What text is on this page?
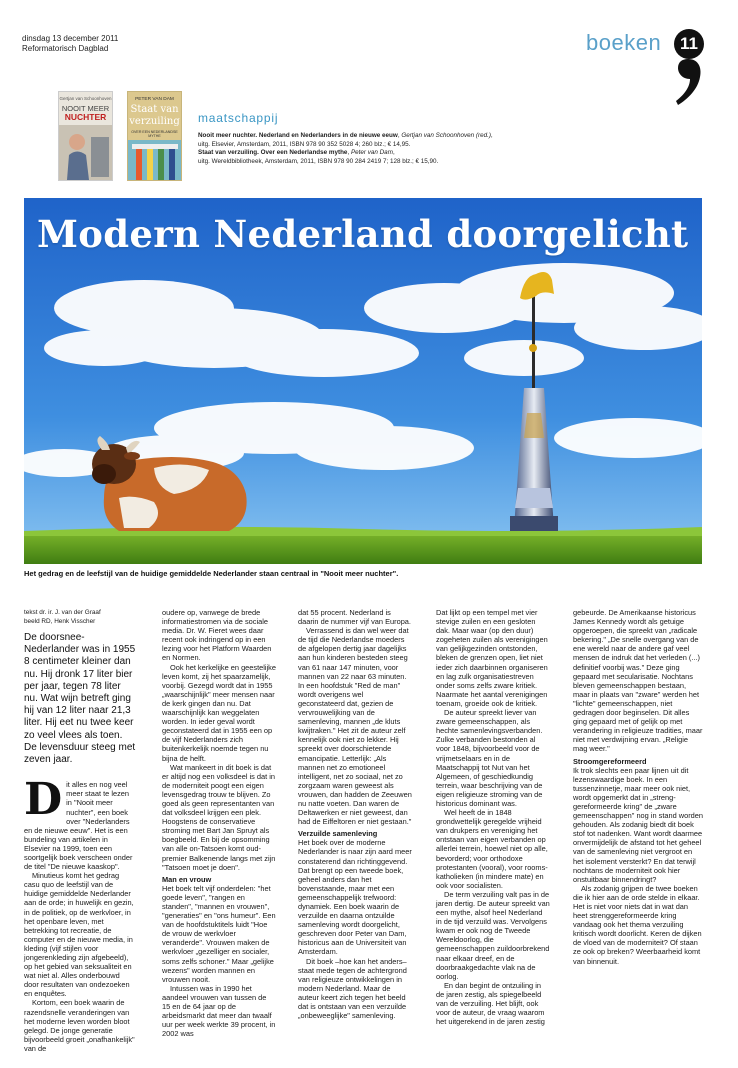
dinsdag 13 december 2011
Reformatorisch Dagblad	boeken	11
Gertjan van Schoonhoven
NOOIT MEER
NUCHTER
PETER VAN DAM
Staat van
verzuiling
OVER EEN NEDERLANDSE MYTHE
maatschappij
Nooit meer nuchter. Nederland en Nederlanders in de nieuwe eeuw, Gertjan van Schoonhoven (red.),
uitg. Elsevier, Amsterdam, 2011, ISBN 978 90 352 5028 4; 260 blz.; € 14,95.
Staat van verzuiling. Over een Nederlandse mythe, Peter van Dam,
uitg. Wereldbibliotheek, Amsterdam, 2011, ISBN 978 90 284 2419 7; 128 blz.; € 15,90.
Modern Nederland doorgelicht
Het gedrag en de leefstijl van de huidige gemiddelde Nederlander staan centraal in "Nooit meer nuchter".

tekst dr. ir. J. van der Graaf

beeld RD, Henk Visscher

De doorsnee-Nederlander was in 1955 8 centimeter kleiner dan nu. Hij dronk 17 liter bier per jaar, tegen 78 liter nu. Wat wijn betreft ging hij van 12 liter naar 21,3 liter. Hij eet nu twee keer zo veel vlees als toen. De levensduur steeg met zeven jaar.

Dit alles en nog veel meer staat te lezen in "Nooit meer nuchter", een boek over "Nederlanders en de nieuwe eeuw". Het is een bundeling van artikelen in Elsevier na 1999, toen een soortgelijk boek verscheen onder de titel "De nieuwe kaaskop".

Minutieus komt het gedrag casu quo de leefstijl van de huidige gemiddelde Nederlander aan de orde; in huwelijk en gezin, in de politiek, op de werkvloer, in het openbare leven, met betrekking tot recreatie, de computer en de nieuwe media, in kleding (vijf stijlen voor jongerenkleding zijn afgebeeld), op het gebied van seksualiteit en wat niet al. Alles onderbouwd door resultaten van ondezoeken en enquêtes.

Kortom, een boek waarin de razendsnelle veranderingen van het moderne leven worden bloot gelegd. De jonge generatie bijvoorbeeld groeit „onafhankelijk" van de

oudere op, vanwege de brede informatiestromen via de sociale media. Dr. W. Fieret wees daar recent ook indringend op in een lezing voor het Platform Waarden en Normen.

Ook het kerkelijke en geestelijke leven komt, zij het spaarzamelijk, voorbij. Gezegd wordt dat in 1955 „waarschijnlijk" meer mensen naar de kerk gingen dan nu. Dat waarschijnlijk kan weggelaten worden. In ieder geval wordt geconstateerd dat in 1955 een op de vijf Nederlanders zich buitenkerkelijk noemde tegen nu bijna de helft.

Wat mankeert in dit boek is dat er altijd nog een volksdeel is dat in de moderniteit poogt een eigen levensgedrag trouw te blijven. Zo goed als geen representanten van dat volksdeel krijgen een plek. Hoogstens de conservatieve stroming met Bart Jan Spruyt als boegbeeld. En bij de opsomming van alle on-Tatsoen komt oud-premier Balkenende langs met zijn "Tatsoen moet je doen".

Man en vrouw

Het boek telt vijf onderdelen: "het goede leven", "rangen en standen", "mannen en vrouwen", "generaties" en "ons humeur". Een van de hoofdstuktitels luidt "Hoe de vrouw de werkvloer veranderde". Vrouwen maken de werkvloer „gezelliger en socialer, soms zelfs schoner." Maar „gelijke wezens" worden mannen en vrouwen nooit.

Intussen was in 1990 het aandeel vrouwen van tussen de 15 en de 64 jaar op de arbeidsmarkt dat meer dan twaalf uur per week werkte 39 procent, in 2002 was

dat 55 procent. Nederland is daarin de nummer vijf van Europa.

Verrassend is dan wel weer dat de tijd die Nederlandse moeders de afgelopen dertig jaar dagelijks aan hun kinderen besteden steeg van 61 naar 147 minuten, voor mannen van 22 naar 63 minuten. In een hoofdstuk "Red de man" wordt overigens wel geconstateerd dat, gezien de vervrouwelijking van de samenleving, mannen „de kluts kwijtraken." Het zit de auteur zelf kennelijk ook niet zo lekker. Hij spreekt over doorschietende emancipatie. Letterlijk: „Als mannen net zo emotioneel intelligent, net zo sociaal, net zo zorgzaam waren geweest als vrouwen, dan hadden de Zeeuwen nu natte voeten. Dan waren de Deltawerken er niet geweest, dan had de Eiffeltoren er niet gestaan."

Verzuilde samenleving

Het boek over de moderne Nederlander is naar zijn aard meer constaterend dan richtinggevend. Dat brengt op een tweede boek, geheel anders dan het bovenstaande, maar met een gemeenschappelijk trefwoord: dynamiek. Een boek waarin de verzuilde en daarna ontzuilde samenleving wordt doorgelicht, geschreven door Peter van Dam, historicus aan de Universiteit van Amsterdam.

Dit boek –hoe kan het anders– staat mede tegen de achtergrond van religieuze ontwikkelingen in modern Nederland. Maar de auteur keert zich tegen het beeld dat is ontstaan van een verzuilde „onbeweeglijke" samenleving.

Dat lijkt op een tempel met vier stevige zuilen en een gesloten dak. Maar waar (op den duur) zogeheten zuilen als verenigingen van gelijkgezinden ontstonden, bleken de grenzen open, liet niet ieder zich daarbinnen organiseren en lag zulk organisatiestreven onder soms zelfs zware kritiek. Naarmate het aantal verenigingen toenam, groeide ook de kritiek.

De auteur spreekt liever van zware gemeenschappen, als hechte samenlevingsverbanden. Zulke verbanden bestonden al voor 1848, bijvoorbeeld voor de vrijmetselaars en in de Maatschappij tot Nut van het Algemeen, of geschiedkundig terrein, waar beschrijving van de eigen religieuze stroming van de historicus dominant was.

Wel heeft de in 1848 grondwettelijk geregelde vrijheid van drukpers en vereniging het ontstaan van eigen verbanden op allerlei terrein, hoewel niet op alle, bevorderd; voor orthodoxe protestanten (vooral), voor rooms-katholieken (in mindere mate) en ook voor socialisten.

De term verzuiling valt pas in de jaren dertig. De auteur spreekt van een mythe, alsof heel Nederland in de tijd verzuild was. Vervolgens kwam er ook nog de Tweede Wereldoorlog, die gemeenschappen zuildoorbrekend naar elkaar dreef, en de doorbraakgedachte vlak na de oorlog.

En dan begint de ontzuiling in de jaren zestig, als spiegelbeeld van de verzuiling. Het blijft, ook voor de auteur, de vraag waarom het uitgerekend in de jaren zestig

gebeurde. De Amerikaanse historicus James Kennedy wordt als getuige opgeroepen, die spreekt van „radicale bekering." „De snelle overgang van de ene wereld naar de andere gaf veel mensen de indruk dat het verleden (...) definitief voorbij was." Deze ging gepaard met secularisatie. Nochtans bleven gemeenschappen bestaan, maar in plaats van "zware" werden het "lichte" gemeenschappen, niet gedragen door beginselen. Dit alles ging gepaard met of gelijk op met verandering in religieuze tradities, maar niet met verdwijning ervan. „Religie mag weer."

Stroomgereformeerd

Ik trok slechts een paar lijnen uit dit lezenswaardige boek. In een tussenzinnetje, maar meer ook niet, wordt opgemerkt dat in „strenggereformeerde kring" de „zware gemeenschappen" nog in stand worden gehouden. Als zodanig biedt dit boek stof tot nadenken. Want wordt daarmee onvermijdelijk de afstand tot het geheel van de samenleving niet vergroot en het isolement versterkt? En dat terwijl nochtans de moderniteit ook hier onstuitbaar binnendringt?

Als zodanig grijpen de twee boeken die ik hier aan de orde stelde in elkaar. Het is niet voor niets dat in wat dan heet strenggereformeerde kring vandaag ook het thema verzuiling kritisch wordt doorlicht. Keren de dijken de vloed van de moderniteit? Of staan ze ook op breken? Weerbaarheid komt van binnenuit.
